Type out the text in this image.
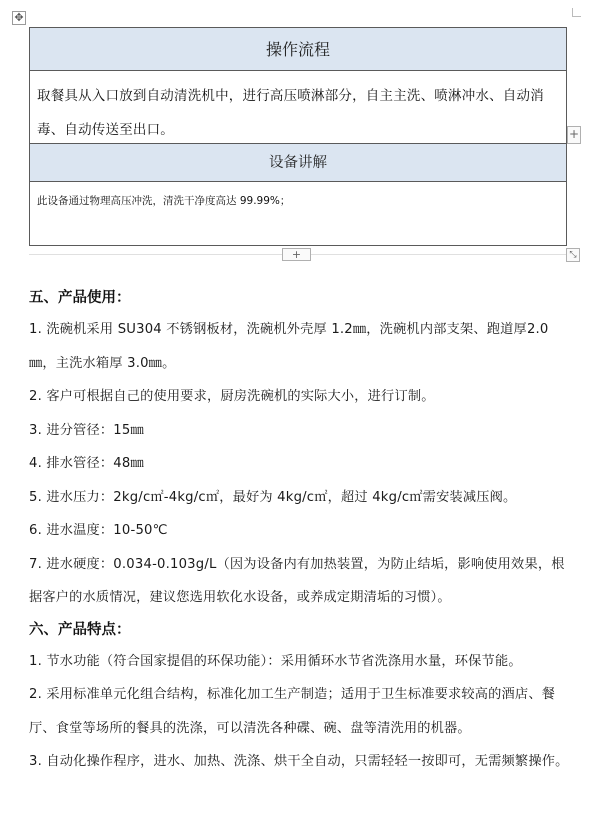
✥
操作流程
取餐具从入口放到自动清洗机中，进行高压喷淋部分，自主主洗、喷淋冲水、自动消毒、自动传送至出口。
设备讲解
此设备通过物理高压冲洗，清洗干净度高达 99.99%；
+
+	⤡
五、产品使用：
1. 洗碗机采用 SU304 不锈钢板材，洗碗机外壳厚 1.2㎜，洗碗机内部支架、跑道厚2.0㎜，主洗水箱厚 3.0㎜。
2. 客户可根据自己的使用要求，厨房洗碗机的实际大小，进行订制。
3. 进分管径：15㎜
4. 排水管径：48㎜
5. 进水压力：2kg/c㎡-4kg/c㎡，最好为 4kg/c㎡，超过 4kg/c㎡需安装减压阀。
6. 进水温度：10-50℃
7. 进水硬度：0.034-0.103g/L（因为设备内有加热装置，为防止结垢，影响使用效果，根据客户的水质情况，建议您选用软化水设备，或养成定期清垢的习惯）。
六、产品特点：
1. 节水功能（符合国家提倡的环保功能）：采用循环水节省洗涤用水量，环保节能。
2. 采用标准单元化组合结构，标准化加工生产制造；适用于卫生标准要求较高的酒店、餐厅、食堂等场所的餐具的洗涤，可以清洗各种碟、碗、盘等清洗用的机器。
3. 自动化操作程序，进水、加热、洗涤、烘干全自动，只需轻轻一按即可，无需频繁操作。
